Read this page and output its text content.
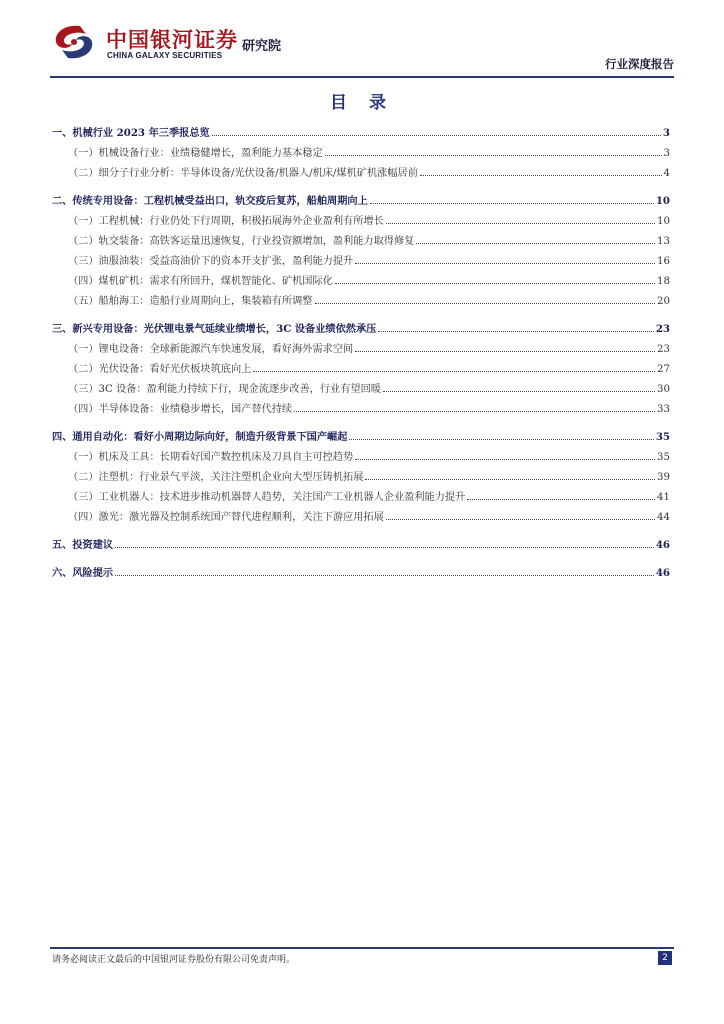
中国银河证券
CHINA GALAXY SECURITIES
研究院
行业深度报告
目 录
一、机械行业 2023 年三季报总览	3
（一）机械设备行业：业绩稳健增长，盈利能力基本稳定	3
（二）细分子行业分析：半导体设备/光伏设备/机器人/机床/煤机矿机涨幅居前	4
二、传统专用设备：工程机械受益出口，轨交疫后复苏，船舶周期向上	10
（一）工程机械：行业仍处下行周期，积极拓展海外企业盈利有所增长	10
（二）轨交装备：高铁客运量迅速恢复，行业投资额增加，盈利能力取得修复	13
（三）油服油装：受益高油价下的资本开支扩张，盈利能力提升	16
（四）煤机矿机：需求有所回升，煤机智能化、矿机国际化	18
（五）船舶海工：造船行业周期向上，集装箱有所调整	20
三、新兴专用设备：光伏锂电景气延续业绩增长，3C 设备业绩依然承压	23
（一）锂电设备：全球新能源汽车快速发展，看好海外需求空间	23
（二）光伏设备：看好光伏板块筑底向上	27
（三）3C 设备：盈利能力持续下行，现金流逐步改善，行业有望回暖	30
（四）半导体设备：业绩稳步增长，国产替代持续	33
四、通用自动化：看好小周期边际向好，制造升级背景下国产崛起	35
（一）机床及工具：长期看好国产数控机床及刀具自主可控趋势	35
（二）注塑机：行业景气平淡，关注注塑机企业向大型压铸机拓展	39
（三）工业机器人：技术进步推动机器替人趋势，关注国产工业机器人企业盈利能力提升	41
（四）激光：激光器及控制系统国产替代进程顺利，关注下游应用拓展	44
五、投资建议	46
六、风险提示	46
请务必阅读正文最后的中国银河证券股份有限公司免责声明。	2
